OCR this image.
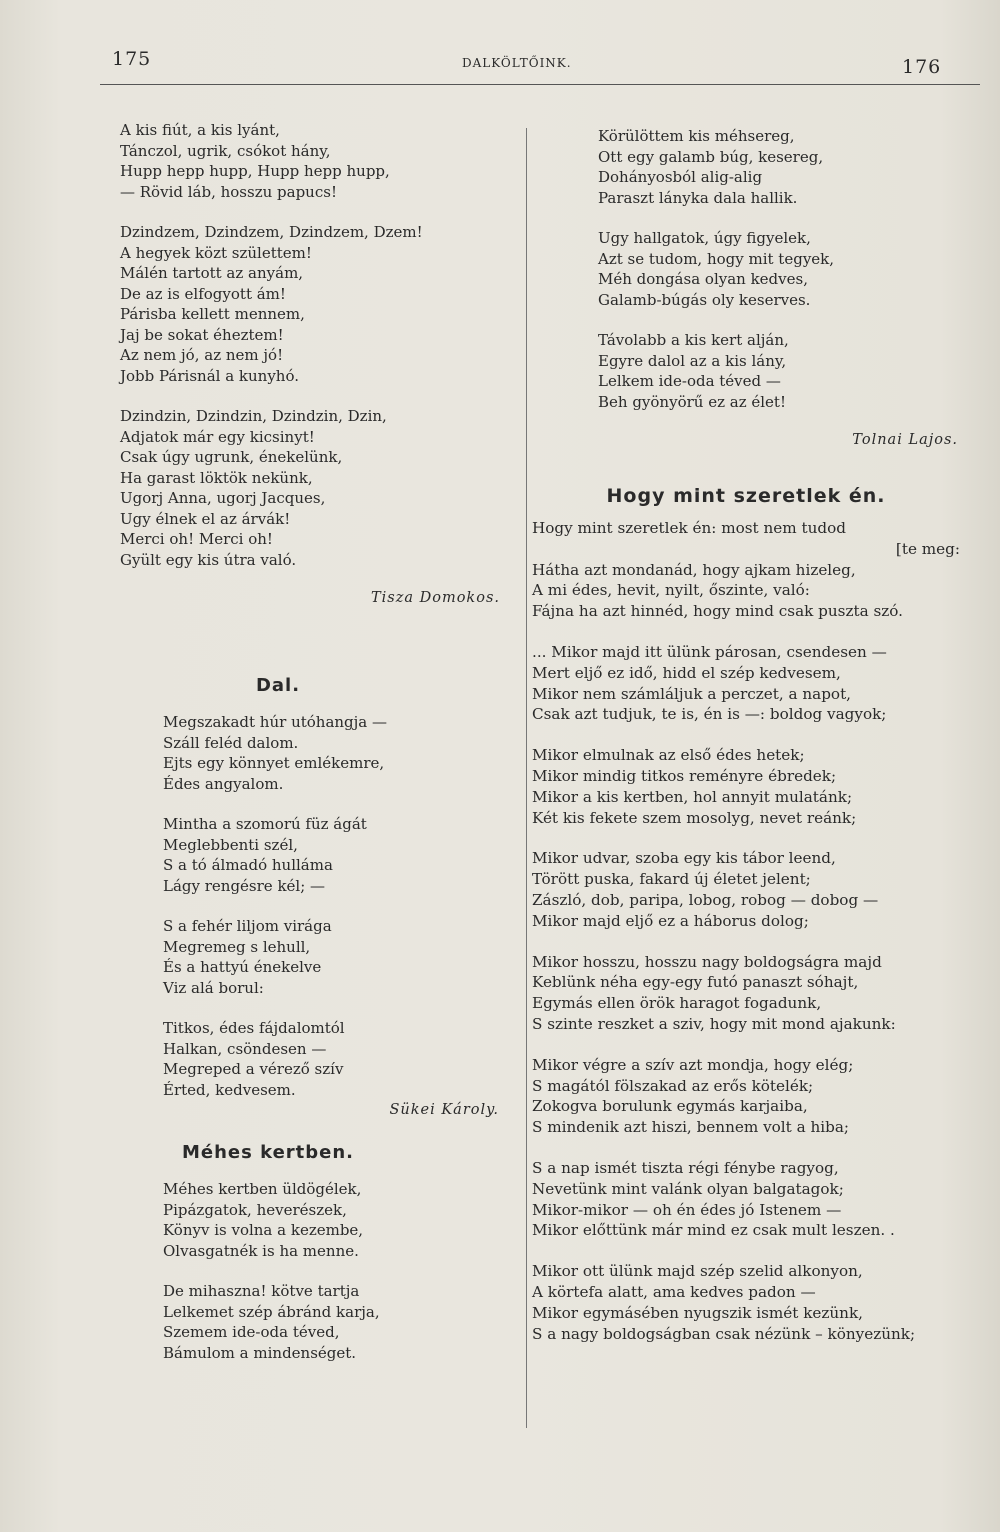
175	DALKÖLTŐINK.	176
A kis fiút, a kis lyánt,
Tánczol, ugrik, csókot hány,
Hupp hepp hupp, Hupp hepp hupp,
— Rövid láb, hosszu papucs!
Dzindzem, Dzindzem, Dzindzem, Dzem!
A hegyek közt születtem!
Málén tartott az anyám,
De az is elfogyott ám!
Párisba kellett mennem,
Jaj be sokat éheztem!
Az nem jó, az nem jó!
Jobb Párisnál a kunyhó.
Dzindzin, Dzindzin, Dzindzin, Dzin,
Adjatok már egy kicsinyt!
Csak úgy ugrunk, énekelünk,
Ha garast löktök nekünk,
Ugorj Anna, ugorj Jacques,
Ugy élnek el az árvák!
Merci oh! Merci oh!
Gyült egy kis útra való.
Tisza Domokos.
Dal.
Megszakadt húr utóhangja —
Száll feléd dalom.
Ejts egy könnyet emlékemre,
Édes angyalom.
Mintha a szomorú füz ágát
Meglebbenti szél,
S a tó álmadó hulláma
Lágy rengésre kél; —
S a fehér liljom virága
Megremeg s lehull,
És a hattyú énekelve
Viz alá borul:
Titkos, édes fájdalomtól
Halkan, csöndesen —
Megreped a vérező szív
Érted, kedvesem.
Sükei Károly.
Méhes kertben.
Méhes kertben üldögélek,
Pipázgatok, heverészek,
Könyv is volna a kezembe,
Olvasgatnék is ha menne.
De mihaszna! kötve tartja
Lelkemet szép ábránd karja,
Szemem ide-oda téved,
Bámulom a mindenséget.
Körülöttem kis méhsereg,
Ott egy galamb búg, kesereg,
Dohányosból alig-alig
Paraszt lányka dala hallik.
Ugy hallgatok, úgy figyelek,
Azt se tudom, hogy mit tegyek,
Méh dongása olyan kedves,
Galamb-búgás oly keserves.
Távolabb a kis kert alján,
Egyre dalol az a kis lány,
Lelkem ide-oda téved —
Beh gyönyörű ez az élet!
Tolnai Lajos.
Hogy mint szeretlek én.
Hogy mint szeretlek én: most nem tudod
[te meg:
Hátha azt mondanád, hogy ajkam hizeleg,
A mi édes, hevit, nyilt, őszinte, való:
Fájna ha azt hinnéd, hogy mind csak puszta szó.
... Mikor majd itt ülünk párosan, csendesen —
Mert eljő ez idő, hidd el szép kedvesem,
Mikor nem számláljuk a perczet, a napot,
Csak azt tudjuk, te is, én is —: boldog vagyok;
Mikor elmulnak az első édes hetek;
Mikor mindig titkos reményre ébredek;
Mikor a kis kertben, hol annyit mulatánk;
Két kis fekete szem mosolyg, nevet reánk;
Mikor udvar, szoba egy kis tábor leend,
Törött puska, fakard új életet jelent;
Zászló, dob, paripa, lobog, robog — dobog —
Mikor majd eljő ez a háborus dolog;
Mikor hosszu, hosszu nagy boldogságra majd
Keblünk néha egy-egy futó panaszt sóhajt,
Egymás ellen örök haragot fogadunk,
S szinte reszket a sziv, hogy mit mond ajakunk:
Mikor végre a szív azt mondja, hogy elég;
S magától fölszakad az erős kötelék;
Zokogva borulunk egymás karjaiba,
S mindenik azt hiszi, bennem volt a hiba;
S a nap ismét tiszta régi fénybe ragyog,
Nevetünk mint valánk olyan balgatagok;
Mikor-mikor — oh én édes jó Istenem —
Mikor előttünk már mind ez csak mult leszen. .
Mikor ott ülünk majd szép szelid alkonyon,
A körtefa alatt, ama kedves padon —
Mikor egymásében nyugszik ismét kezünk,
S a nagy boldogságban csak nézünk – könyezünk;
